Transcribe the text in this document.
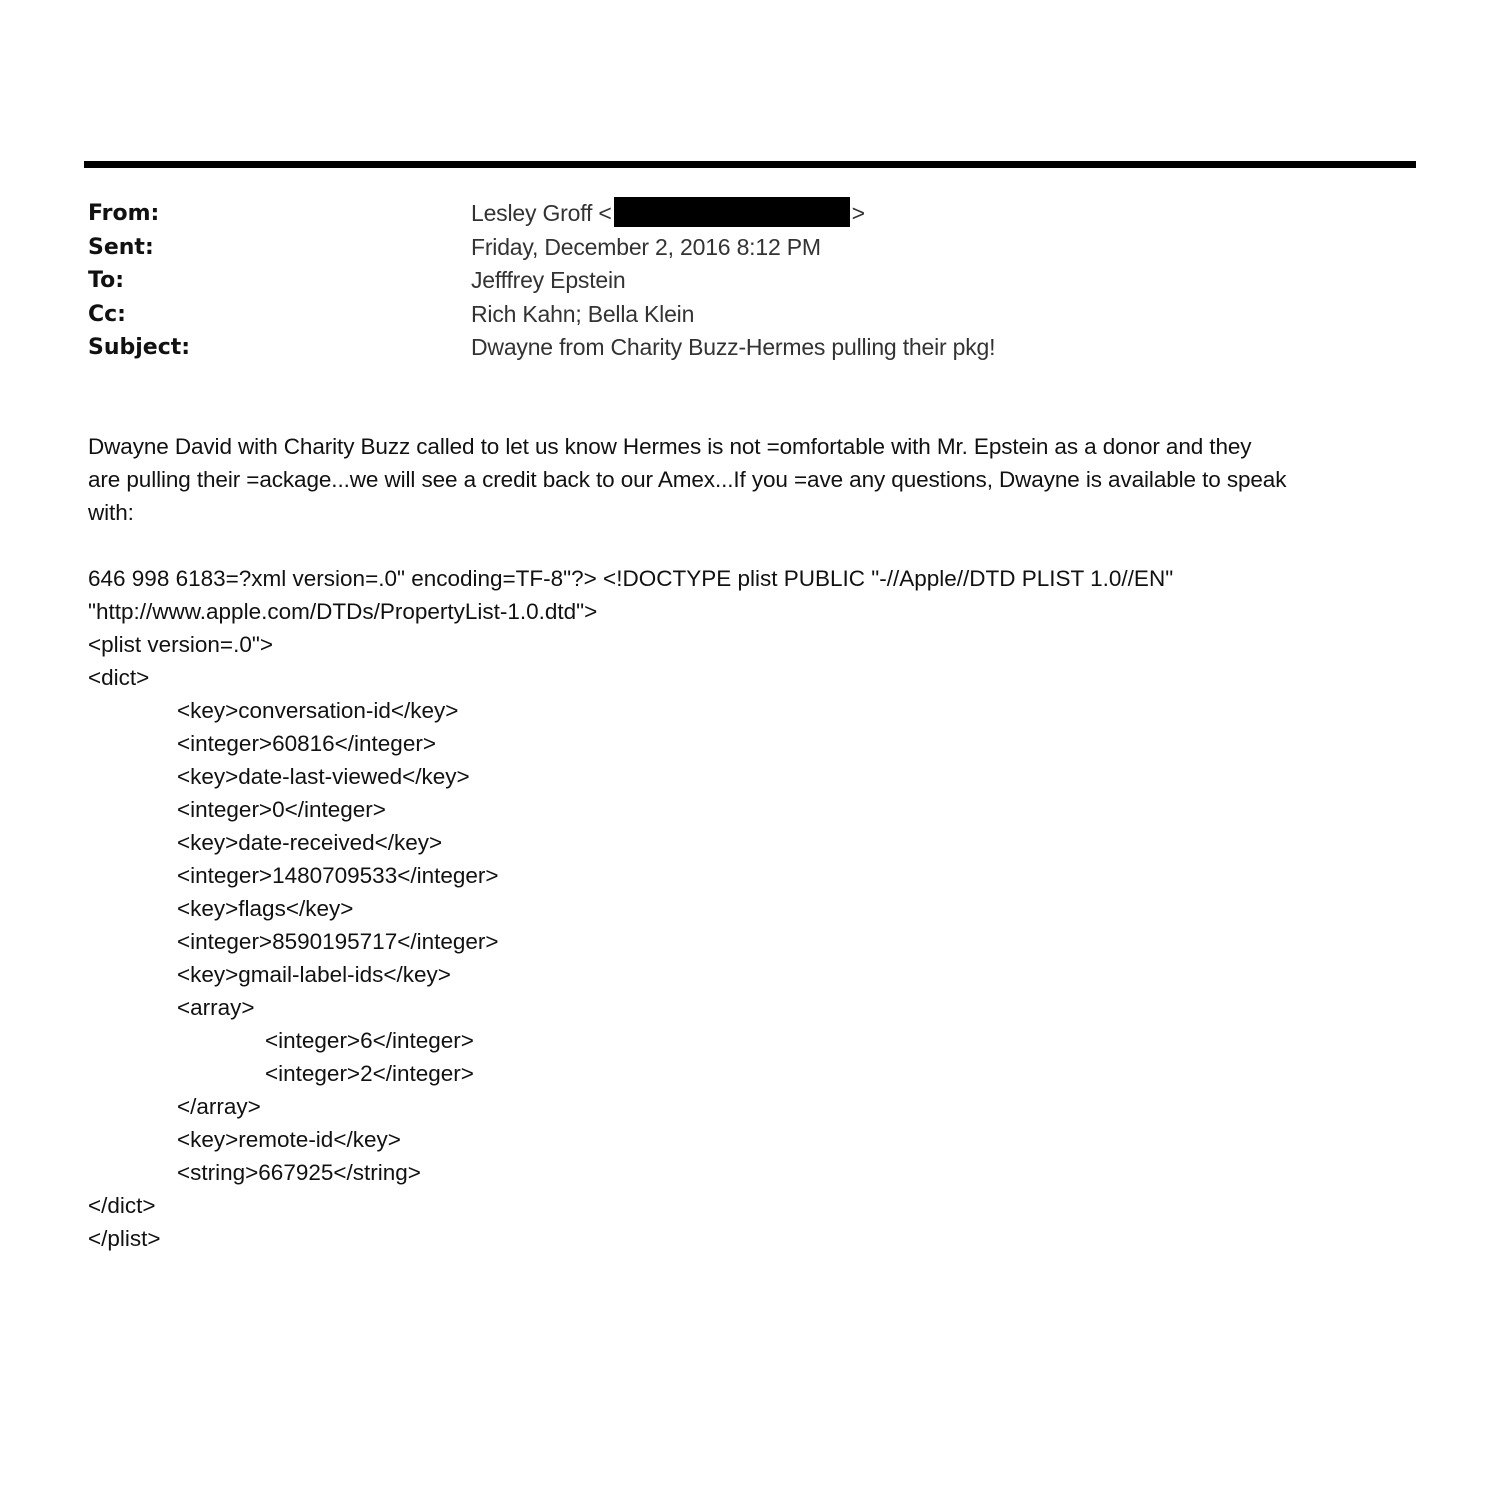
From:	Lesley Groff <	>
Sent:	Friday, December 2, 2016 8:12 PM
To:	Jefffrey Epstein
Cc:	Rich Kahn; Bella Klein
Subject:	Dwayne from Charity Buzz-Hermes pulling their pkg!

Dwayne David with Charity Buzz called to let us know Hermes is not =omfortable with Mr. Epstein as a donor and they

are pulling their =ackage...we will see a credit back to our Amex...If you =ave any questions, Dwayne is available to speak

with:

646 998 6183=?xml version=.0" encoding=TF-8"?> <!DOCTYPE plist PUBLIC "-//Apple//DTD PLIST 1.0//EN"
"http://www.apple.com/DTDs/PropertyList-1.0.dtd">
<plist version=.0">
<dict>
<key>conversation-id</key>
<integer>60816</integer>
<key>date-last-viewed</key>
<integer>0</integer>
<key>date-received</key>
<integer>1480709533</integer>
<key>flags</key>
<integer>8590195717</integer>
<key>gmail-label-ids</key>
<array>
<integer>6</integer>
<integer>2</integer>
</array>
<key>remote-id</key>
<string>667925</string>
</dict>
</plist>
